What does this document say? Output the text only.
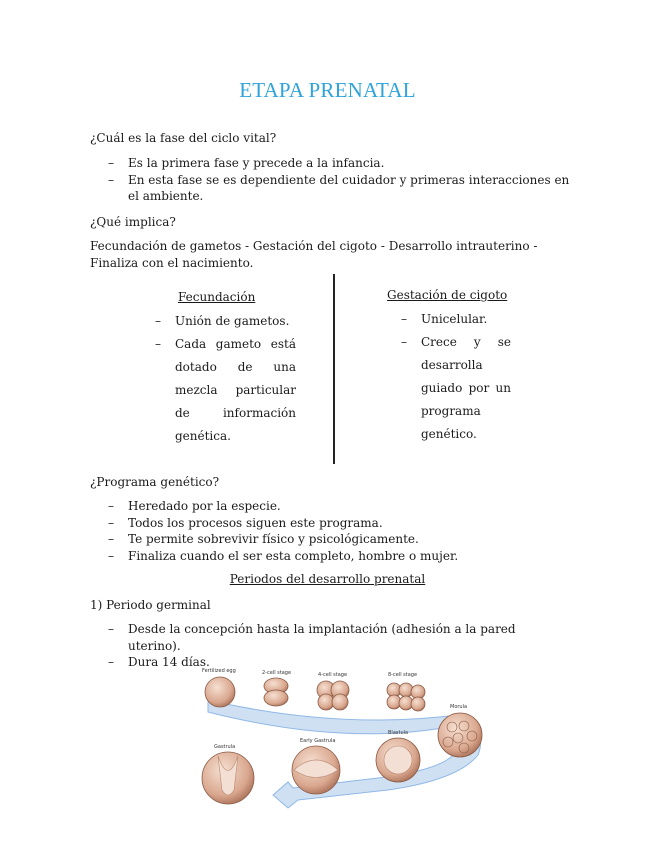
ETAPA PRENATAL
¿Cuál es la fase del ciclo vital?
– Es la primera fase y precede a la infancia.
– En esta fase se es dependiente del cuidador y primeras interacciones en el ambiente.
¿Qué implica?
Fecundación de gametos - Gestación del cigoto - Desarrollo intrauterino - Finaliza con el nacimiento.
Fecundación
– Unión de gametos.
– Cada gameto está dotado de una mezcla particular de información genética.
Gestación de cigoto
– Unicelular.
– Crece y se desarrolla guiado por un programa genético.
¿Programa genético?
– Heredado por la especie.
– Todos los procesos siguen este programa.
– Te permite sobrevivir físico y psicológicamente.
– Finaliza cuando el ser esta completo, hombre o mujer.
Periodos del desarrollo prenatal
1) Periodo germinal
– Desde la concepción hasta la implantación (adhesión a la pared uterino).
– Dura 14 días.
Fertilized egg	2-cell stage	4-cell stage	8-cell stage
Morula
Blastula
Early Gastrula
Gastrula
